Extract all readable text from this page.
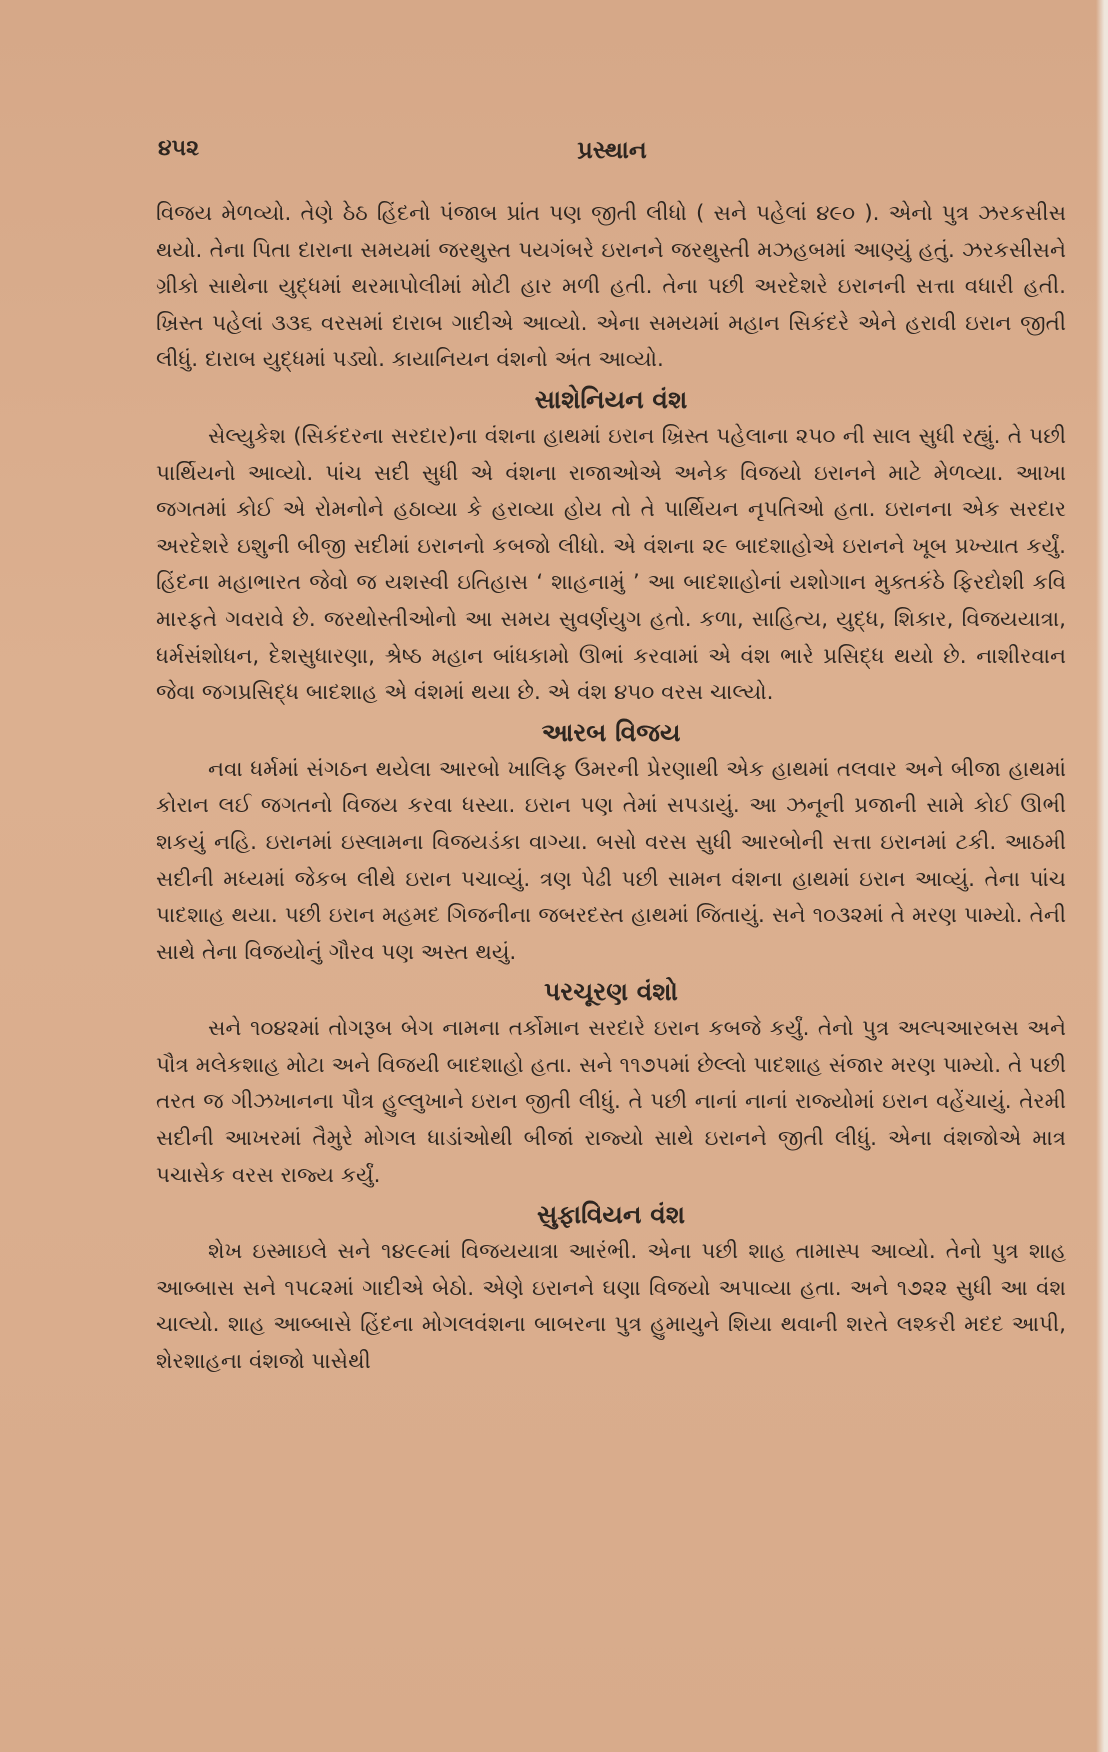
૪૫૨	પ્રસ્થાન

વિજય મેળવ્યો. તેણે ઠેઠ હિંદનો પંજાબ પ્રાંત પણ જીતી લીધો ( સને પહેલાં ૪૯૦ ). એનો પુત્ર ઝરકસીસ થયો. તેના પિતા દારાના સમયમાં જરથુસ્ત પયગંબરે ઇરાનને જરથુસ્તી મઝહબમાં આણ્યું હતું. ઝરકસીસને ગ્રીકો સાથેના યુદ્ધમાં થરમાપોલીમાં મોટી હાર મળી હતી. તેના પછી અરદેશરે ઇરાનની સત્તા વધારી હતી. ખ્રિસ્ત પહેલાં ૩૩૬ વરસમાં દારાબ ગાદીએ આવ્યો. એના સમયમાં મહાન સિકંદરે એને હરાવી ઇરાન જીતી લીધું. દારાબ યુદ્ધમાં પડ્યો. કાયાનિયન વંશનો અંત આવ્યો.

સાશેનિયન વંશ

સેલ્યુકેશ (સિકંદરના સરદાર)ના વંશના હાથમાં ઇરાન ખ્રિસ્ત પહેલાના ૨૫૦ ની સાલ સુધી રહ્યું. તે પછી પાર્થિયનો આવ્યો. પાંચ સદી સુધી એ વંશના રાજાઓએ અનેક વિજયો ઇરાનને માટે મેળવ્યા. આખા જગતમાં કોઈ એ રોમનોને હઠાવ્યા કે હરાવ્યા હોય તો તે પાર્થિયન નૃપતિઓ હતા. ઇરાનના એક સરદાર અરદેશરે ઇશુની બીજી સદીમાં ઇરાનનો કબજો લીધો. એ વંશના ૨૯ બાદશાહોએ ઇરાનને ખૂબ પ્રખ્યાત કર્યું. હિંદના મહાભારત જેવો જ યશસ્વી ઇતિહાસ ‘ શાહનામું ’ આ બાદશાહોનાં યશોગાન મુક્તકંઠે ફિરદોશી કવિ મારફતે ગવરાવે છે. જરથોસ્તીઓનો આ સમય સુવર્ણયુગ હતો. કળા, સાહિત્ય, યુદ્ધ, શિકાર, વિજયયાત્રા, ધર્મસંશોધન, દેશસુધારણા, શ્રેષ્ઠ મહાન બાંધકામો ઊભાં કરવામાં એ વંશ ભારે પ્રસિદ્ધ થયો છે. નાશીરવાન જેવા જગપ્રસિદ્ધ બાદશાહ એ વંશમાં થયા છે. એ વંશ ૪૫૦ વરસ ચાલ્યો.

આરબ વિજય

નવા ધર્મમાં સંગઠન થયેલા આરબો ખાલિફ ઉમરની પ્રેરણાથી એક હાથમાં તલવાર અને બીજા હાથમાં કોરાન લઈ જગતનો વિજય કરવા ધસ્યા. ઇરાન પણ તેમાં સપડાયું. આ ઝનૂની પ્રજાની સામે કોઈ ઊભી શકયું નહિ. ઇરાનમાં ઇસ્લામના વિજયડંકા વાગ્યા. બસો વરસ સુધી આરબોની સત્તા ઇરાનમાં ટકી. આઠમી સદીની મધ્યમાં જેકબ લીથે ઇરાન પચાવ્યું. ત્રણ પેઢી પછી સામન વંશના હાથમાં ઇરાન આવ્યું. તેના પાંચ પાદશાહ થયા. પછી ઇરાન મહમદ ગિજનીના જબરદસ્ત હાથમાં જિતાયું. સને ૧૦૩૨માં તે મરણ પામ્યો. તેની સાથે તેના વિજયોનું ગૌરવ પણ અસ્ત થયું.

પરચૂરણ વંશો

સને ૧૦૪૨માં તોગરૂબ બેગ નામના તર્કોમાન સરદારે ઇરાન કબજે કર્યું. તેનો પુત્ર અલ્પઆરબસ અને પૌત્ર મલેકશાહ મોટા અને વિજયી બાદશાહો હતા. સને ૧૧૭૫માં છેલ્લો પાદશાહ સંજાર મરણ પામ્યો. તે પછી તરત જ ગીઝખાનના પૌત્ર હુલ્લુખાને ઇરાન જીતી લીધું. તે પછી નાનાં નાનાં રાજ્યોમાં ઇરાન વહેંચાયું. તેરમી સદીની આખરમાં તૈમુરે મોગલ ધાડાંઓથી બીજાં રાજ્યો સાથે ઇરાનને જીતી લીધું. એના વંશજોએ માત્ર પચાસેક વરસ રાજ્ય કર્યું.

સુફાવિયન વંશ

શેખ ઇસ્માઇલે સને ૧૪૯૯માં વિજયયાત્રા આરંભી. એના પછી શાહ તામાસ્પ આવ્યો. તેનો પુત્ર શાહ આબ્બાસ સને ૧૫૮૨માં ગાદીએ બેઠો. એણે ઇરાનને ઘણા વિજયો અપાવ્યા હતા. અને ૧૭૨૨ સુધી આ વંશ ચાલ્યો. શાહ આબ્બાસે હિંદના મોગલવંશના બાબરના પુત્ર હુમાયુને શિયા થવાની શરતે લશ્કરી મદદ આપી, શેરશાહના વંશજો પાસેથી
